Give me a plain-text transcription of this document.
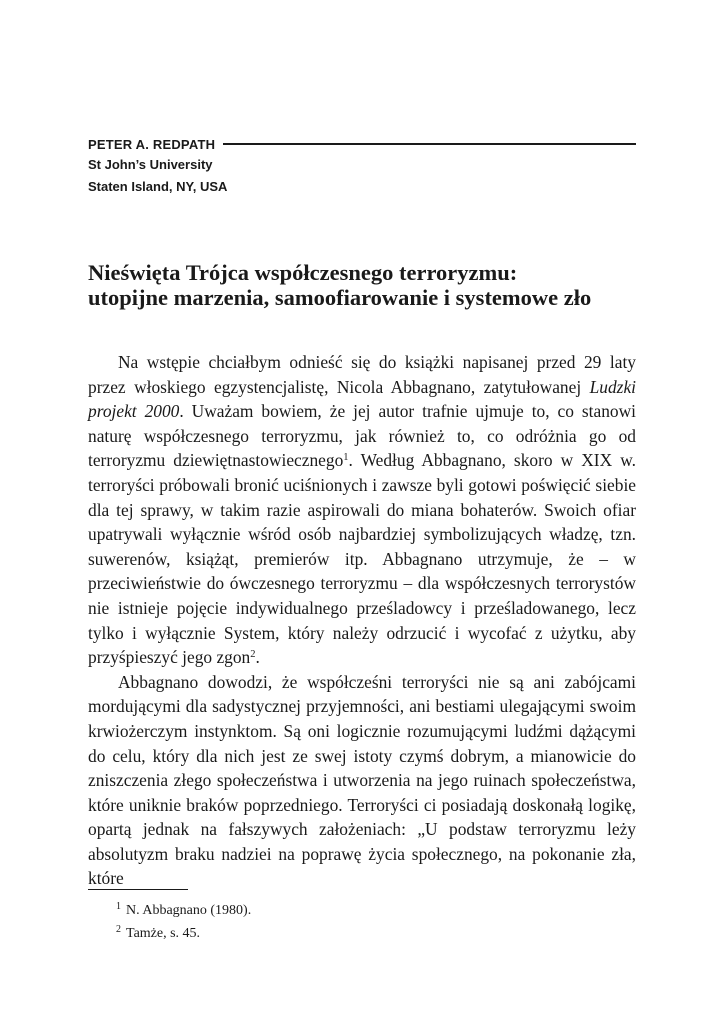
PETER A. REDPATH
St John’s University
Staten Island, NY, USA
Nieświęta Trójca współczesnego terroryzmu:
utopijne marzenia, samoofiarowanie i systemowe zło

Na wstępie chciałbym odnieść się do książki napisanej przed 29 laty przez włoskiego egzystencjalistę, Nicola Abbagnano, zatytułowanej Ludzki projekt 2000. Uważam bowiem, że jej autor trafnie ujmuje to, co stanowi naturę współczesnego terroryzmu, jak również to, co odróżnia go od terroryzmu dziewiętnastowiecznego$^1$. Według Abbagnano, skoro w XIX w. terroryści próbowali bronić uciśnionych i zawsze byli gotowi poświęcić siebie dla tej sprawy, w takim razie aspirowali do miana bohaterów. Swoich ofiar upatrywali wyłącznie wśród osób najbardziej symbolizujących władzę, tzn. suwerenów, książąt, premierów itp. Abbagnano utrzymuje, że – w przeciwieństwie do ówczesnego terroryzmu – dla współczesnych terrorystów nie istnieje pojęcie indywidualnego prześladowcy i prześladowanego, lecz tylko i wyłącznie System, który należy odrzucić i wycofać z użytku, aby przyśpieszyć jego zgon$^2$.

Abbagnano dowodzi, że współcześni terroryści nie są ani zabójcami mordującymi dla sadystycznej przyjemności, ani bestiami ulegającymi swoim krwiożerczym instynktom. Są oni logicznie rozumującymi ludźmi dążącymi do celu, który dla nich jest ze swej istoty czymś dobrym, a mianowicie do zniszczenia złego społeczeństwa i utworzenia na jego ruinach społeczeństwa, które uniknie braków poprzedniego. Terroryści ci posiadają doskonałą logikę, opartą jednak na fałszywych założeniach: „U podstaw terroryzmu leży absolutyzm braku nadziei na poprawę życia społecznego, na pokonanie zła, które

$^1$ N. Abbagnano (1980).
$^2$ Tamże, s. 45.
